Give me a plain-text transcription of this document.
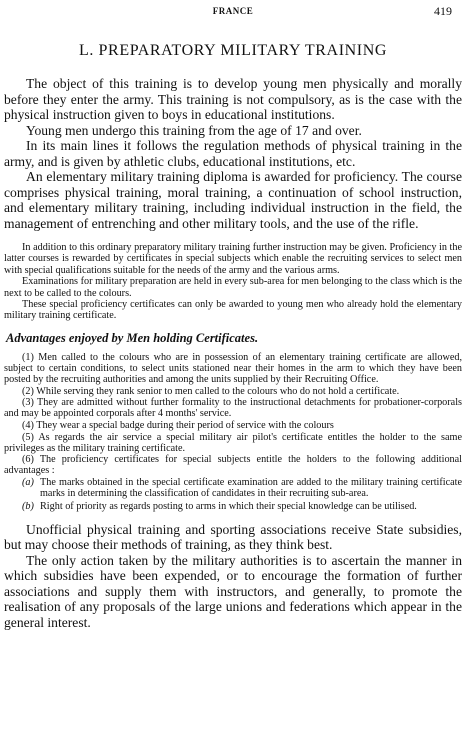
FRANCE	419
L. PREPARATORY MILITARY TRAINING

The object of this training is to develop young men physically and morally before they enter the army. This training is not compulsory, as is the case with the physical instruction given to boys in educational institutions.

Young men undergo this training from the age of 17 and over.

In its main lines it follows the regulation methods of physical training in the army, and is given by athletic clubs, educational institutions, etc.

An elementary military training diploma is awarded for proficiency. The course comprises physical training, moral training, a continuation of school instruction, and elementary military training, including individual instruction in the field, the management of entrenching and other military tools, and the use of the rifle.

In addition to this ordinary preparatory military training further instruction may be given. Proficiency in the latter courses is rewarded by certificates in special subjects which enable the recruiting services to select men with special qualifications suitable for the needs of the army and the various arms.

Examinations for military preparation are held in every sub-area for men belonging to the class which is the next to be called to the colours.

These special proficiency certificates can only be awarded to young men who already hold the elementary military training certificate.

Advantages enjoyed by Men holding Certificates.

(1) Men called to the colours who are in possession of an elementary training certificate are allowed, subject to certain conditions, to select units stationed near their homes in the arm to which they have been posted by the recruiting authorities and among the units supplied by their Recruiting Office.

(2) While serving they rank senior to men called to the colours who do not hold a certificate.

(3) They are admitted without further formality to the instructional detachments for probationer-corporals and may be appointed corporals after 4 months' service.

(4) They wear a special badge during their period of service with the colours

(5) As regards the air service a special military air pilot's certificate entitles the holder to the same privileges as the military training certificate.

(6) The proficiency certificates for special subjects entitle the holders to the following additional advantages :

(a) The marks obtained in the special certificate examination are added to the military training certificate marks in determining the classification of candidates in their recruiting sub-area.
(b) Right of priority as regards posting to arms in which their special knowledge can be utilised.

Unofficial physical training and sporting associations receive State subsidies, but may choose their methods of training, as they think best.

The only action taken by the military authorities is to ascertain the manner in which subsidies have been expended, or to encourage the formation of further associations and supply them with instructors, and generally, to promote the realisation of any proposals of the large unions and federations which appear in the general interest.
